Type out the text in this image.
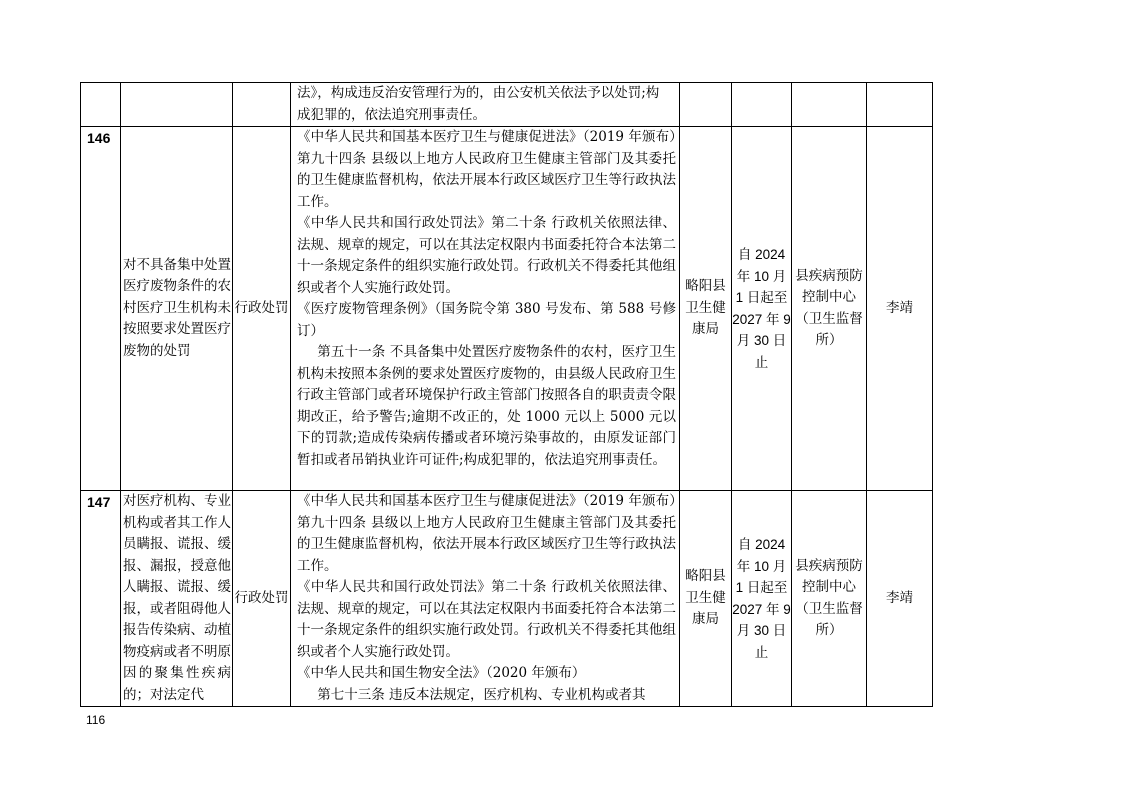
			法》，构成违反治安管理行为的，由公安机关依法予以处罚;构
成犯罪的，依法追究刑事责任。				

146	对不具备集中处置医疗废物条件的农村医疗卫生机构未按照要求处置医疗废物的处罚	行政处罚	《中华人民共和国基本医疗卫生与健康促进法》（2019 年颁布）第九十四条 县级以上地方人民政府卫生健康主管部门及其委托的卫生健康监督机构，依法开展本行政区域医疗卫生等行政执法工作。

《中华人民共和国行政处罚法》第二十条 行政机关依照法律、法规、规章的规定，可以在其法定权限内书面委托符合本法第二十一条规定条件的组织实施行政处罚。行政机关不得委托其他组织或者个人实施行政处罚。

《医疗废物管理条例》（国务院令第 380 号发布、第 588 号修订）

第五十一条 不具备集中处置医疗废物条件的农村，医疗卫生机构未按照本条例的要求处置医疗废物的，由县级人民政府卫生行政主管部门或者环境保护行政主管部门按照各自的职责责令限期改正，给予警告;逾期不改正的，处 1000 元以上 5000 元以下的罚款;造成传染病传播或者环境污染事故的，由原发证部门暂扣或者吊销执业许可证件;构成犯罪的，依法追究刑事责任。	略阳县卫生健康局	自 2024 年 10 月 1 日起至 2027 年 9 月 30 日止	县疾病预防控制中心（卫生监督所）	李靖
147	对医疗机构、专业机构或者其工作人员瞒报、谎报、缓报、漏报，授意他人瞒报、谎报、缓报，或者阻碍他人报告传染病、动植物疫病或者不明原因的聚集性疾病的；对法定代	行政处罚	《中华人民共和国基本医疗卫生与健康促进法》（2019 年颁布）第九十四条 县级以上地方人民政府卫生健康主管部门及其委托的卫生健康监督机构，依法开展本行政区域医疗卫生等行政执法工作。

《中华人民共和国行政处罚法》第二十条 行政机关依照法律、法规、规章的规定，可以在其法定权限内书面委托符合本法第二十一条规定条件的组织实施行政处罚。行政机关不得委托其他组织或者个人实施行政处罚。

《中华人民共和国生物安全法》（2020 年颁布）

第七十三条 违反本法规定，医疗机构、专业机构或者其	略阳县卫生健康局	自 2024 年 10 月 1 日起至 2027 年 9 月 30 日止	县疾病预防控制中心（卫生监督所）	李靖
116
